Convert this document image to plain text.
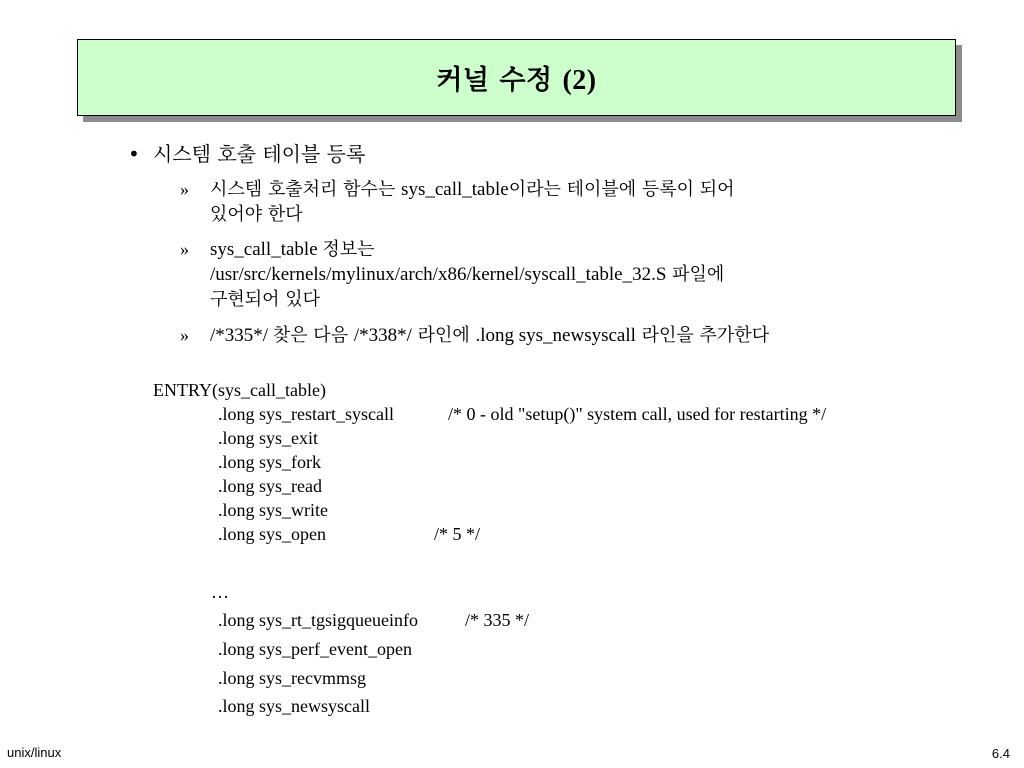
커널 수정 (2)
• 시스템 호출 테이블 등록
» 시스템 호출처리 함수는 sys_call_table이라는 테이블에 등록이 되어
있어야 한다
» sys_call_table 정보는
/usr/src/kernels/mylinux/arch/x86/kernel/syscall_table_32.S 파일에
구현되어 있다
» /*335*/ 찾은 다음 /*338*/ 라인에 .long sys_newsyscall 라인을 추가한다
ENTRY(sys_call_table)
.long sys_restart_syscall	/* 0 - old "setup()" system call, used for restarting */
.long sys_exit
.long sys_fork
.long sys_read
.long sys_write
.long sys_open	/* 5 */
…
.long sys_rt_tgsigqueueinfo	/* 335 */
.long sys_perf_event_open
.long sys_recvmmsg
.long sys_newsyscall
unix/linux	6.4
